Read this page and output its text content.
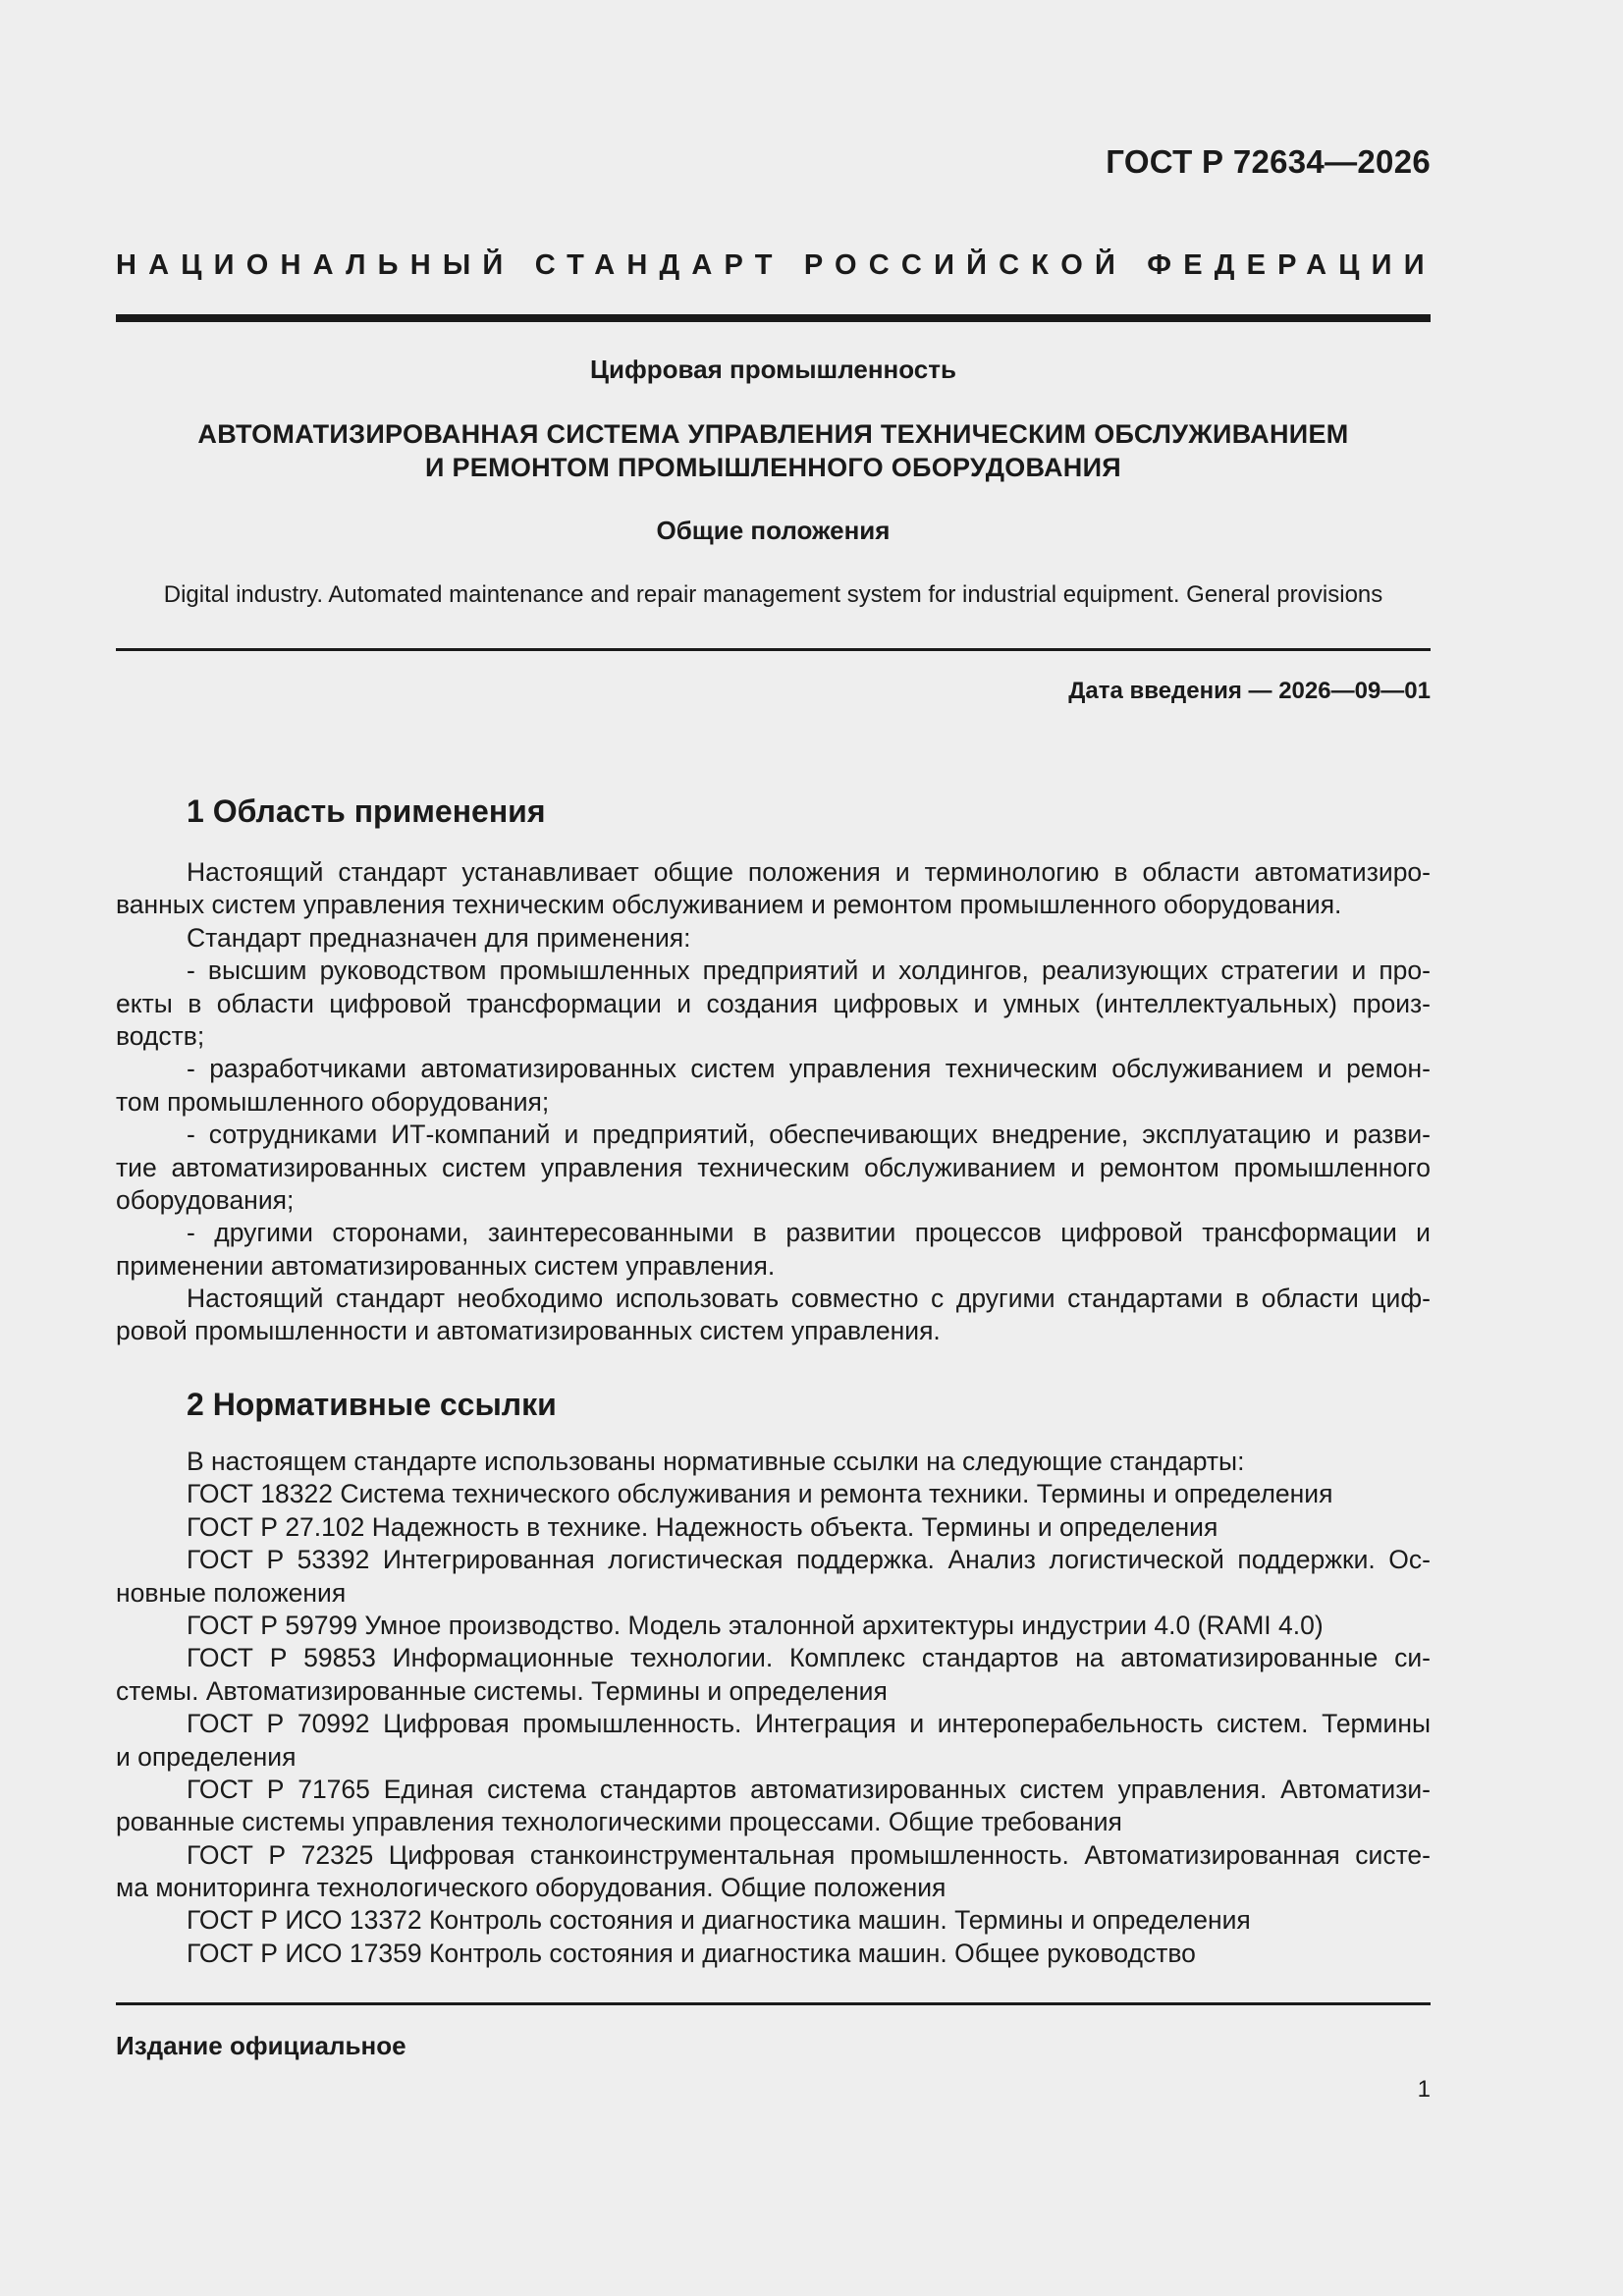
ГОСТ Р 72634—2026
НАЦИОНАЛЬНЫЙ СТАНДАРТ РОССИЙСКОЙ ФЕДЕРАЦИИ
Цифровая промышленность
АВТОМАТИЗИРОВАННАЯ СИСТЕМА УПРАВЛЕНИЯ ТЕХНИЧЕСКИМ ОБСЛУЖИВАНИЕМ
И РЕМОНТОМ ПРОМЫШЛЕННОГО ОБОРУДОВАНИЯ
Общие положения
Digital industry. Automated maintenance and repair management system for industrial equipment. General provisions
Дата введения — 2026—09—01
1 Область применения
Настоящий стандарт устанавливает общие положения и терминологию в области автоматизиро-
ванных систем управления техническим обслуживанием и ремонтом промышленного оборудования.
Стандарт предназначен для применения:
- высшим руководством промышленных предприятий и холдингов, реализующих стратегии и про-
екты в области цифровой трансформации и создания цифровых и умных (интеллектуальных) произ-
водств;
- разработчиками автоматизированных систем управления техническим обслуживанием и ремон-
том промышленного оборудования;
- сотрудниками ИТ-компаний и предприятий, обеспечивающих внедрение, эксплуатацию и разви-
тие автоматизированных систем управления техническим обслуживанием и ремонтом промышленного
оборудования;
- другими сторонами, заинтересованными в развитии процессов цифровой трансформации и
применении автоматизированных систем управления.
Настоящий стандарт необходимо использовать совместно с другими стандартами в области циф-
ровой промышленности и автоматизированных систем управления.
2 Нормативные ссылки
В настоящем стандарте использованы нормативные ссылки на следующие стандарты:
ГОСТ 18322 Система технического обслуживания и ремонта техники. Термины и определения
ГОСТ Р 27.102 Надежность в технике. Надежность объекта. Термины и определения
ГОСТ Р 53392 Интегрированная логистическая поддержка. Анализ логистической поддержки. Ос-
новные положения
ГОСТ Р 59799 Умное производство. Модель эталонной архитектуры индустрии 4.0 (RAMI 4.0)
ГОСТ Р 59853 Информационные технологии. Комплекс стандартов на автоматизированные си-
стемы. Автоматизированные системы. Термины и определения
ГОСТ Р 70992 Цифровая промышленность. Интеграция и интероперабельность систем. Термины
и определения
ГОСТ Р 71765 Единая система стандартов автоматизированных систем управления. Автоматизи-
рованные системы управления технологическими процессами. Общие требования
ГОСТ Р 72325 Цифровая станкоинструментальная промышленность. Автоматизированная систе-
ма мониторинга технологического оборудования. Общие положения
ГОСТ Р ИСО 13372 Контроль состояния и диагностика машин. Термины и определения
ГОСТ Р ИСО 17359 Контроль состояния и диагностика машин. Общее руководство
Издание официальное
1
